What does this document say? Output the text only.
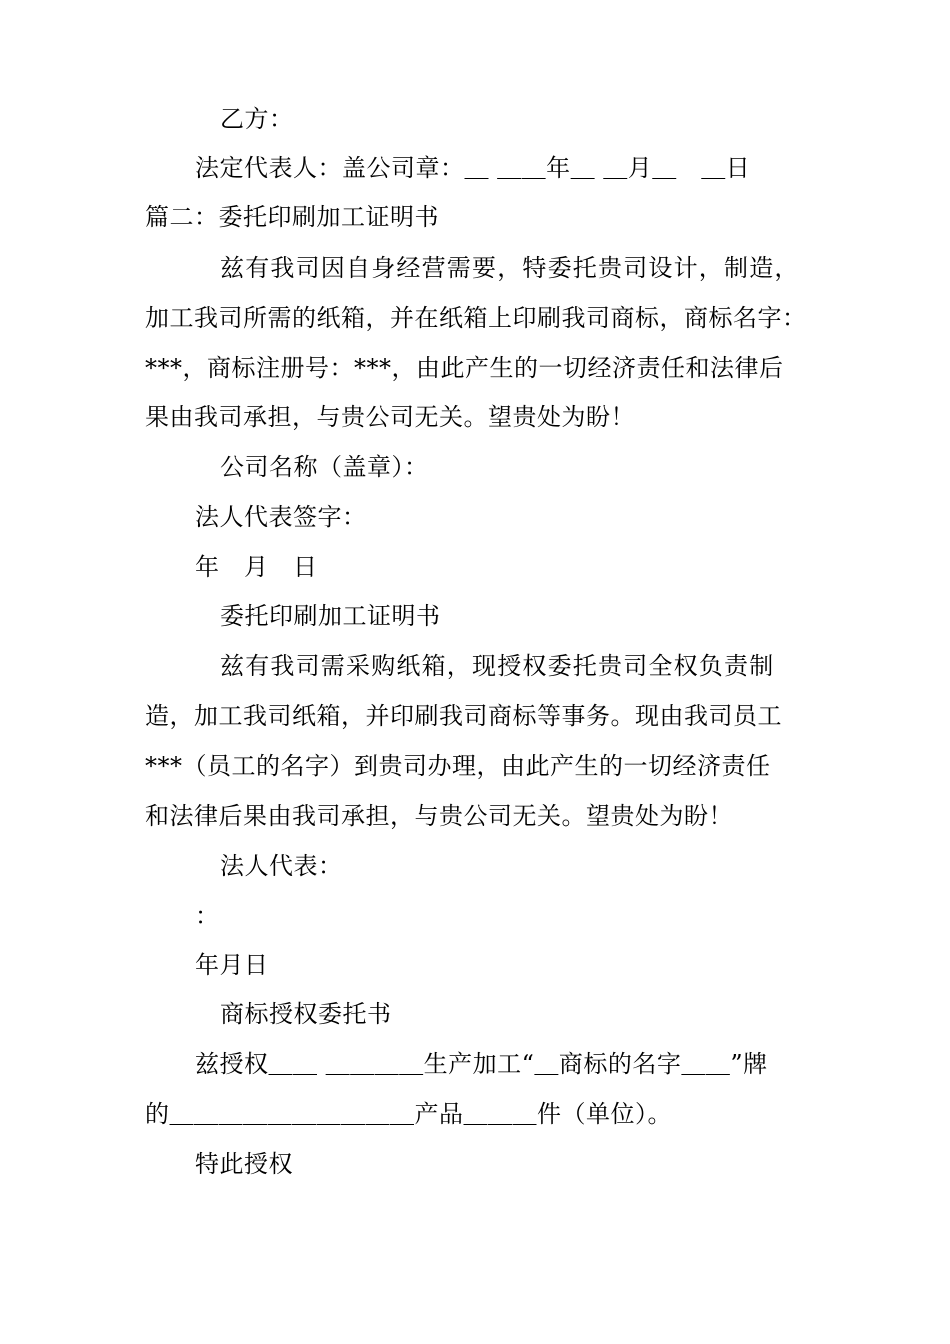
乙方：
法定代表人：盖公司章：＿ ＿＿年＿ ＿月＿　＿日
篇二：委托印刷加工证明书
兹有我司因自身经营需要，特委托贵司设计，制造，
加工我司所需的纸箱，并在纸箱上印刷我司商标，商标名字：
***，商标注册号：***，由此产生的一切经济责任和法律后
果由我司承担，与贵公司无关。望贵处为盼！
公司名称（盖章）：
法人代表签字：
年　月　日
委托印刷加工证明书
兹有我司需采购纸箱，现授权委托贵司全权负责制
造，加工我司纸箱，并印刷我司商标等事务。现由我司员工
***（员工的名字）到贵司办理，由此产生的一切经济责任
和法律后果由我司承担，与贵公司无关。望贵处为盼！
法人代表：
：
年月日
商标授权委托书
兹授权＿＿ ＿＿＿＿生产加工“＿商标的名字＿＿”牌
的＿＿＿＿＿＿＿＿＿＿产品＿＿＿件（单位）。
特此授权
